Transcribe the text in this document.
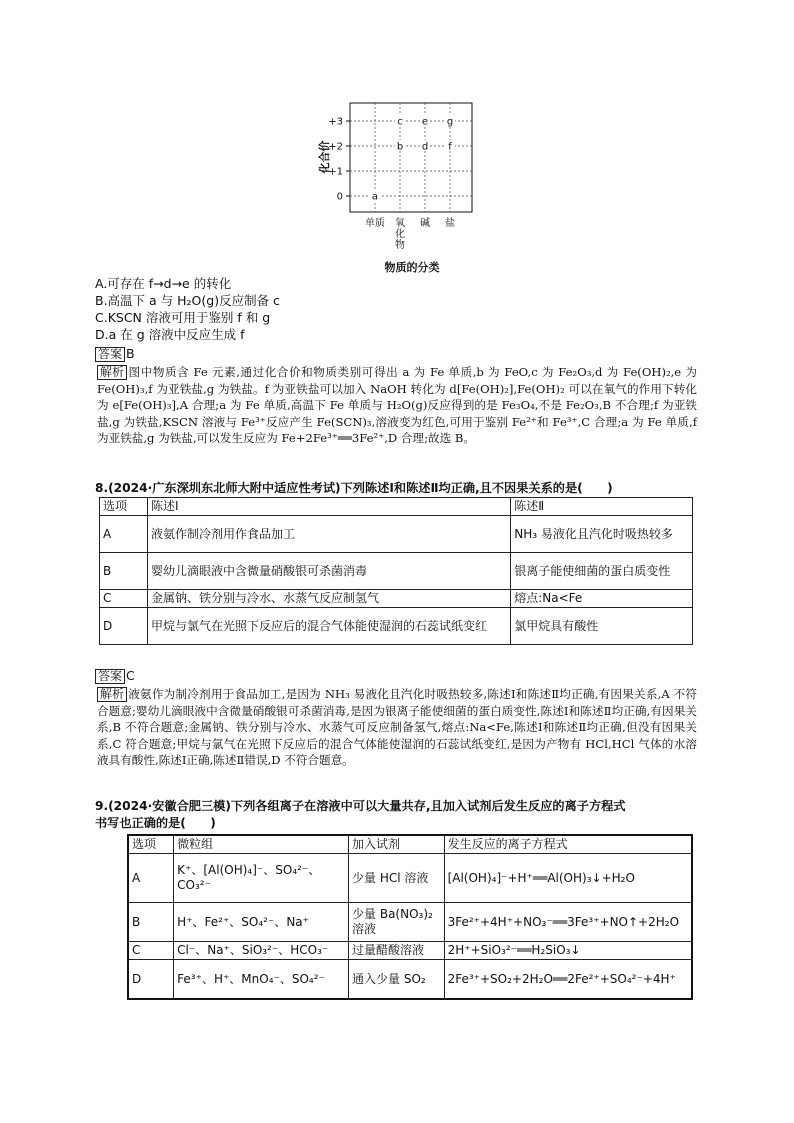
+3
+2
+1
0
单质 氧化物
碱 盐
化合价
物质的分类
a
b
c
d
e
f
g
A.可存在 f→d→e 的转化
B.高温下 a 与 H₂O(g)反应制备 c
C.KSCN 溶液可用于鉴别 f 和 g
D.a 在 g 溶液中反应生成 f
答案 B
解析 图中物质含 Fe 元素,通过化合价和物质类别可得出 a 为 Fe 单质,b 为 FeO,c 为 Fe₂O₃,d 为 Fe(OH)₂,e 为 Fe(OH)₃,f 为亚铁盐,g 为铁盐。f 为亚铁盐可以加入 NaOH 转化为 d[Fe(OH)₂],Fe(OH)₂ 可以在氧气的作用下转化为 e[Fe(OH)₃],A 合理;a 为 Fe 单质,高温下 Fe 单质与 H₂O(g)反应得到的是 Fe₃O₄,不是 Fe₂O₃,B 不合理;f 为亚铁盐,g 为铁盐,KSCN 溶液与 Fe³⁺反应产生 Fe(SCN)₃,溶液变为红色,可用于鉴别 Fe²⁺和 Fe³⁺,C 合理;a 为 Fe 单质,f 为亚铁盐,g 为铁盐,可以发生反应为 Fe+2Fe³⁺══3Fe²⁺,D 合理;故选 B。
8.(2024·广东深圳东北师大附中适应性考试)下列陈述Ⅰ和陈述Ⅱ均正确,且不因果关系的是(　　)
选项	陈述Ⅰ	陈述Ⅱ
A	液氨作制冷剂用作食品加工	NH₃ 易液化且汽化时吸热较多
B	婴幼儿滴眼液中含微量硝酸银可杀菌消毒	银离子能使细菌的蛋白质变性
C	金属钠、铁分别与冷水、水蒸气反应制氢气	熔点:Na<Fe
D	甲烷与氯气在光照下反应后的混合气体能使湿润的石蕊试纸变红	氯甲烷具有酸性
答案 C
解析 液氨作为制冷剂用于食品加工,是因为 NH₃ 易液化且汽化时吸热较多,陈述Ⅰ和陈述Ⅱ均正确,有因果关系,A 不符合题意;婴幼儿滴眼液中含微量硝酸银可杀菌消毒,是因为银离子能使细菌的蛋白质变性,陈述Ⅰ和陈述Ⅱ均正确,有因果关系,B 不符合题意;金属钠、铁分别与冷水、水蒸气可反应制备氢气,熔点:Na<Fe,陈述Ⅰ和陈述Ⅱ均正确,但没有因果关系,C 符合题意;甲烷与氯气在光照下反应后的混合气体能使湿润的石蕊试纸变红,是因为产物有 HCl,HCl 气体的水溶液具有酸性,陈述Ⅰ正确,陈述Ⅱ错误,D 不符合题意。
9.(2024·安徽合肥三模)下列各组离子在溶液中可以大量共存,且加入试剂后发生反应的离子方程式
书写也正确的是(　　)
选项	微粒组	加入试剂	发生反应的离子方程式
A	K⁺、[Al(OH)₄]⁻、SO₄²⁻、CO₃²⁻	少量 HCl 溶液	[Al(OH)₄]⁻+H⁺══Al(OH)₃↓+H₂O
B	H⁺、Fe²⁺、SO₄²⁻、Na⁺	少量 Ba(NO₃)₂ 溶液	3Fe²⁺+4H⁺+NO₃⁻══3Fe³⁺+NO↑+2H₂O
C	Cl⁻、Na⁺、SiO₃²⁻、HCO₃⁻	过量醋酸溶液	2H⁺+SiO₃²⁻══H₂SiO₃↓
D	Fe³⁺、H⁺、MnO₄⁻、SO₄²⁻	通入少量 SO₂	2Fe³⁺+SO₂+2H₂O══2Fe²⁺+SO₄²⁻+4H⁺
